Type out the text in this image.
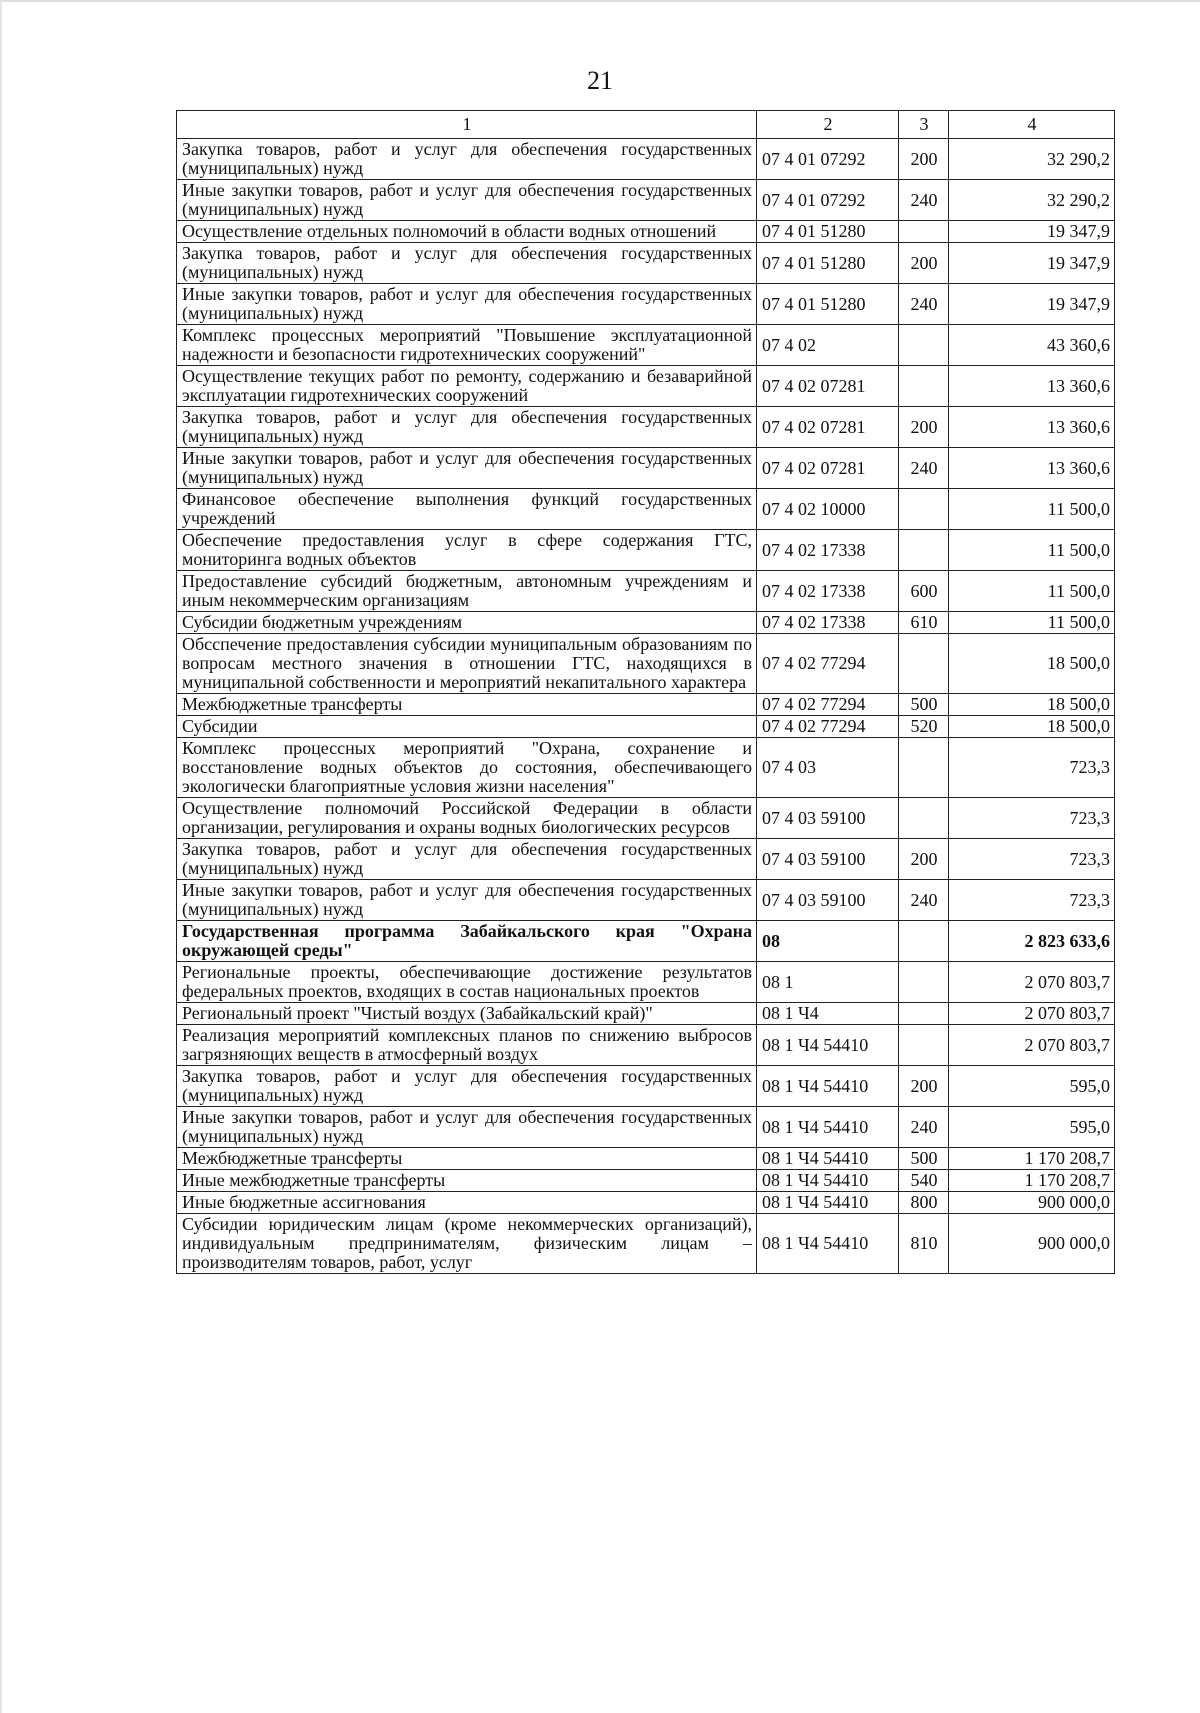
21
1	2	3	4
Закупка товаров, работ и услуг для обеспечения государственных (муниципальных) нужд	07 4 01 07292	200	32 290,2
Иные закупки товаров, работ и услуг для обеспечения государственных (муниципальных) нужд	07 4 01 07292	240	32 290,2
Осуществление отдельных полномочий в области водных отношений	07 4 01 51280		19 347,9
Закупка товаров, работ и услуг для обеспечения государственных (муниципальных) нужд	07 4 01 51280	200	19 347,9
Иные закупки товаров, работ и услуг для обеспечения государственных (муниципальных) нужд	07 4 01 51280	240	19 347,9
Комплекс процессных мероприятий "Повышение эксплуатационной надежности и безопасности гидротехнических сооружений"	07 4 02		43 360,6
Осуществление текущих работ по ремонту, содержанию и безаварийной эксплуатации гидротехнических сооружений	07 4 02 07281		13 360,6
Закупка товаров, работ и услуг для обеспечения государственных (муниципальных) нужд	07 4 02 07281	200	13 360,6
Иные закупки товаров, работ и услуг для обеспечения государственных (муниципальных) нужд	07 4 02 07281	240	13 360,6
Финансовое обеспечение выполнения функций государственных учреждений	07 4 02 10000		11 500,0
Обеспечение предоставления услуг в сфере содержания ГТС, мониторинга водных объектов	07 4 02 17338		11 500,0
Предоставление субсидий бюджетным, автономным учреждениям и иным некоммерческим организациям	07 4 02 17338	600	11 500,0
Субсидии бюджетным учреждениям	07 4 02 17338	610	11 500,0
Обсспечение предоставления субсидии муниципальным образованиям по вопросам местного значения в отношении ГТС, находящихся в муниципальной собственности и мероприятий некапитального характера	07 4 02 77294		18 500,0
Межбюджетные трансферты	07 4 02 77294	500	18 500,0
Субсидии	07 4 02 77294	520	18 500,0
Комплекс процессных мероприятий "Охрана, сохранение и восстановление водных объектов до состояния, обеспечивающего экологически благоприятные условия жизни населения"	07 4 03		723,3
Осуществление полномочий Российской Федерации в области организации, регулирования и охраны водных биологических ресурсов	07 4 03 59100		723,3
Закупка товаров, работ и услуг для обеспечения государственных (муниципальных) нужд	07 4 03 59100	200	723,3
Иные закупки товаров, работ и услуг для обеспечения государственных (муниципальных) нужд	07 4 03 59100	240	723,3
Государственная программа Забайкальского края "Охрана окружающей среды"	08		2 823 633,6
Региональные проекты, обеспечивающие достижение результатов федеральных проектов, входящих в состав национальных проектов	08 1		2 070 803,7
Региональный проект "Чистый воздух (Забайкальский край)"	08 1 Ч4		2 070 803,7
Реализация мероприятий комплексных планов по снижению выбросов загрязняющих веществ в атмосферный воздух	08 1 Ч4 54410		2 070 803,7
Закупка товаров, работ и услуг для обеспечения государственных (муниципальных) нужд	08 1 Ч4 54410	200	595,0
Иные закупки товаров, работ и услуг для обеспечения государственных (муниципальных) нужд	08 1 Ч4 54410	240	595,0
Межбюджетные трансферты	08 1 Ч4 54410	500	1 170 208,7
Иные межбюджетные трансферты	08 1 Ч4 54410	540	1 170 208,7
Иные бюджетные ассигнования	08 1 Ч4 54410	800	900 000,0
Субсидии юридическим лицам (кроме некоммерческих организаций), индивидуальным предпринимателям, физическим лицам – производителям товаров, работ, услуг	08 1 Ч4 54410	810	900 000,0
